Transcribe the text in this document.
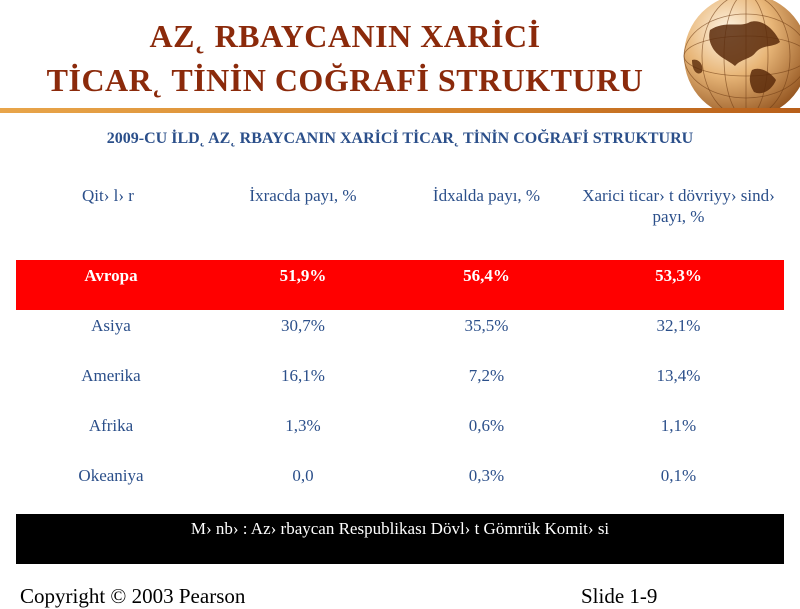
AZ˛ RBAYCANIN XARİCİ
TİCAR˛ TİNİN COĞRAFİ STRUKTURU
2009-CU İLD˛ AZ˛ RBAYCANIN XARİCİ TİCAR˛ TİNİN COĞRAFİ STRUKTURU
Qit› l› r	İxracda payı, %	İdxalda payı, %	Xarici ticar› t dövriyy› sind› payı, %
Avropa	51,9%	56,4%	53,3%
Asiya	30,7%	35,5%	32,1%
Amerika	16,1%	7,2%	13,4%
Afrika	1,3%	0,6%	1,1%
Okeaniya	0,0	0,3%	0,1%
M› nb› : Az› rbaycan Respublikası Dövl› t Gömrük Komit› si
Copyright © 2003 Pearson	Slide 1-9
